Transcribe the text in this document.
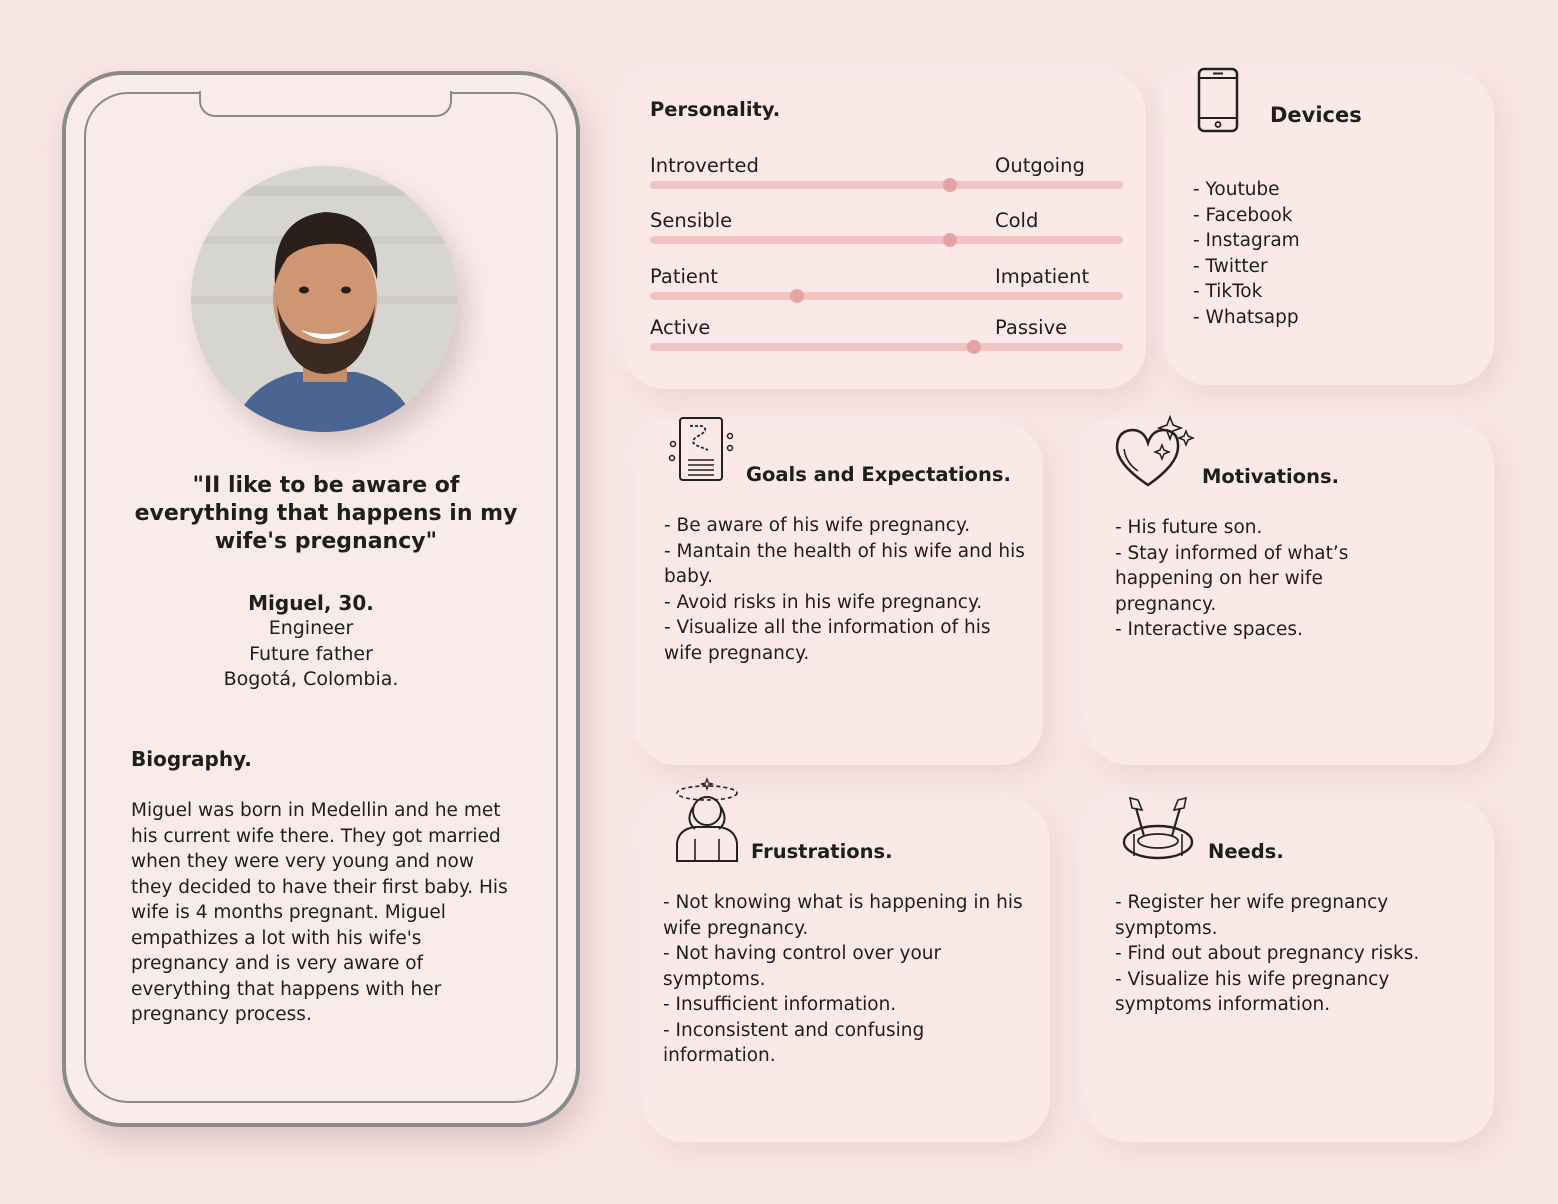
"II like to be aware of everything that happens in my wife's pregnancy"
Miguel, 30.
Engineer
Future father
Bogotá, Colombia.
Biography.
Miguel was born in Medellin and he met his current wife there. They got married when they were very young and now they decided to have their first baby. His wife is 4 months pregnant. Miguel empathizes a lot with his wife's pregnancy and is very aware of everything that happens with her pregnancy process.
Personality.
Introverted	Outgoing
Sensible	Cold
Patient	Impatient
Active	Passive
Devices
- Youtube
- Facebook
- Instagram
- Twitter
- TikTok
- Whatsapp
Goals and Expectations.
- Be aware of his wife pregnancy.
- Mantain the health of his wife and his baby.
- Avoid risks in his wife pregnancy.
- Visualize all the information of his wife pregnancy.
Motivations.
- His future son.
- Stay informed of what’s happening on her wife pregnancy.
- Interactive spaces.
Frustrations.
- Not knowing what is happening in his wife pregnancy.
- Not having control over your symptoms.
- Insufficient information.
- Inconsistent and confusing information.
Needs.
- Register her wife pregnancy symptoms.
- Find out about pregnancy risks.
- Visualize his wife pregnancy symptoms information.
